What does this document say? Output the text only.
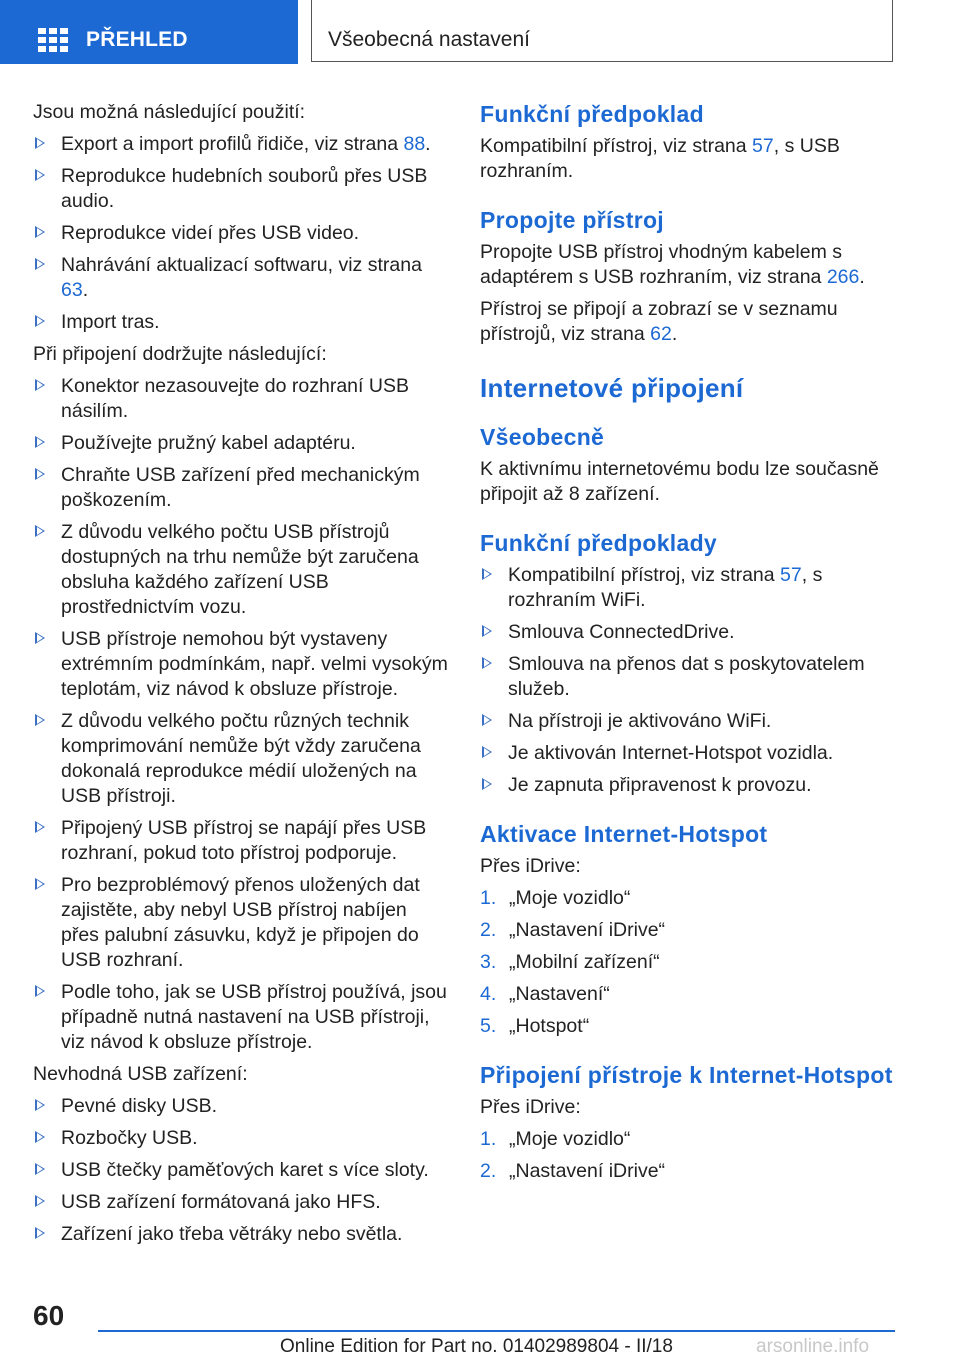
PŘEHLED	Všeobecná nastavení

Jsou možná následující použití:

Export a import profilů řidiče, viz strana 88.
Reprodukce hudebních souborů přes USB audio.
Reprodukce videí přes USB video.
Nahrávání aktualizací softwaru, viz strana 63.
Import tras.

Při připojení dodržujte následující:

Konektor nezasouvejte do rozhraní USB násilím.
Používejte pružný kabel adaptéru.
Chraňte USB zařízení před mechanickým poškozením.
Z důvodu velkého počtu USB přístrojů dostupných na trhu nemůže být zaručena obsluha každého zařízení USB prostřednictvím vozu.
USB přístroje nemohou být vystaveny extrémním podmínkám, např. velmi vysokým teplotám, viz návod k obsluze přístroje.
Z důvodu velkého počtu různých technik komprimování nemůže být vždy zaručena dokonalá reprodukce médií uložených na USB přístroji.
Připojený USB přístroj se napájí přes USB rozhraní, pokud toto přístroj podporuje.
Pro bezproblémový přenos uložených dat zajistěte, aby nebyl USB přístroj nabíjen přes palubní zásuvku, když je připojen do USB rozhraní.
Podle toho, jak se USB přístroj používá, jsou případně nutná nastavení na USB přístroji, viz návod k obsluze přístroje.

Nevhodná USB zařízení:

Pevné disky USB.
Rozbočky USB.
USB čtečky paměťových karet s více sloty.
USB zařízení formátovaná jako HFS.
Zařízení jako třeba větráky nebo světla.
Funkční předpoklad

Kompatibilní přístroj, viz strana 57, s USB rozhraním.

Propojte přístroj

Propojte USB přístroj vhodným kabelem s adaptérem s USB rozhraním, viz strana 266.

Přístroj se připojí a zobrazí se v seznamu přístrojů, viz strana 62.

Internetové připojení
Všeobecně

K aktivnímu internetovému bodu lze současně připojit až 8 zařízení.

Funkční předpoklady
Kompatibilní přístroj, viz strana 57, s rozhraním WiFi.
Smlouva ConnectedDrive.
Smlouva na přenos dat s poskytovatelem služeb.
Na přístroji je aktivováno WiFi.
Je aktivován Internet-Hotspot vozidla.
Je zapnuta připravenost k provozu.
Aktivace Internet-Hotspot

Přes iDrive:

1. „Moje vozidlo“
2. „Nastavení iDrive“
3. „Mobilní zařízení“
4. „Nastavení“
5. „Hotspot“
Připojení přístroje k Internet-Hotspot

Přes iDrive:

1. „Moje vozidlo“
2. „Nastavení iDrive“
60
Online Edition for Part no. 01402989804 - II/18	arsonline.info
